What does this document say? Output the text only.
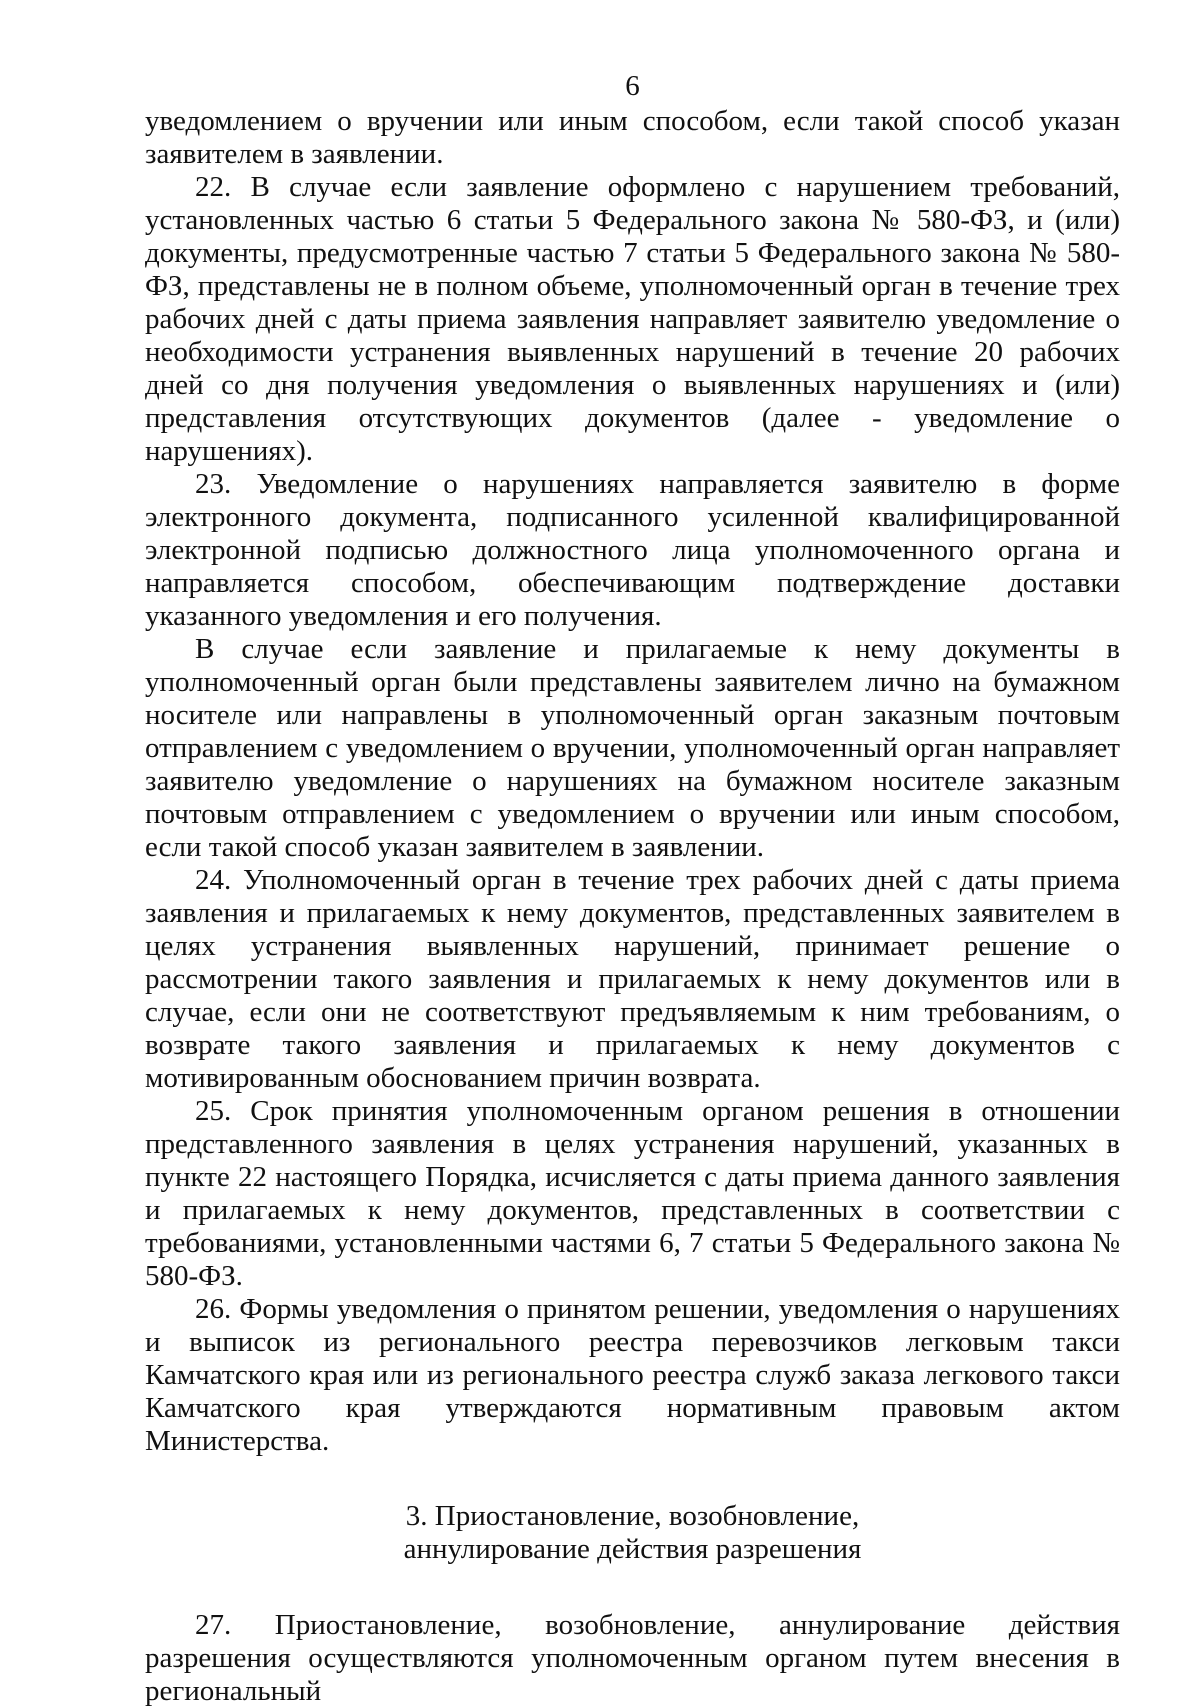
6

уведомлением о вручении или иным способом, если такой способ указан заявителем в заявлении.

22. В случае если заявление оформлено с нарушением требований, установленных частью 6 статьи 5 Федерального закона № 580-ФЗ, и (или) документы, предусмотренные частью 7 статьи 5 Федерального закона № 580-ФЗ, представлены не в полном объеме, уполномоченный орган в течение трех рабочих дней с даты приема заявления направляет заявителю уведомление о необходимости устранения выявленных нарушений в течение 20 рабочих дней со дня получения уведомления о выявленных нарушениях и (или) представления отсутствующих документов (далее - уведомление о нарушениях).

23. Уведомление о нарушениях направляется заявителю в форме электронного документа, подписанного усиленной квалифицированной электронной подписью должностного лица уполномоченного органа и направляется способом, обеспечивающим подтверждение доставки указанного уведомления и его получения.

В случае если заявление и прилагаемые к нему документы в уполномоченный орган были представлены заявителем лично на бумажном носителе или направлены в уполномоченный орган заказным почтовым отправлением с уведомлением о вручении, уполномоченный орган направляет заявителю уведомление о нарушениях на бумажном носителе заказным почтовым отправлением с уведомлением о вручении или иным способом, если такой способ указан заявителем в заявлении.

24. Уполномоченный орган в течение трех рабочих дней с даты приема заявления и прилагаемых к нему документов, представленных заявителем в целях устранения выявленных нарушений, принимает решение о рассмотрении такого заявления и прилагаемых к нему документов или в случае, если они не соответствуют предъявляемым к ним требованиям, о возврате такого заявления и прилагаемых к нему документов с мотивированным обоснованием причин возврата.

25. Срок принятия уполномоченным органом решения в отношении представленного заявления в целях устранения нарушений, указанных в пункте 22 настоящего Порядка, исчисляется с даты приема данного заявления и прилагаемых к нему документов, представленных в соответствии с требованиями, установленными частями 6, 7 статьи 5 Федерального закона № 580-ФЗ.

26. Формы уведомления о принятом решении, уведомления о нарушениях и выписок из регионального реестра перевозчиков легковым такси Камчатского края или из регионального реестра служб заказа легкового такси Камчатского края утверждаются нормативным правовым актом Министерства.

3. Приостановление, возобновление,
аннулирование действия разрешения

27. Приостановление, возобновление, аннулирование действия разрешения осуществляются уполномоченным органом путем внесения в региональный
